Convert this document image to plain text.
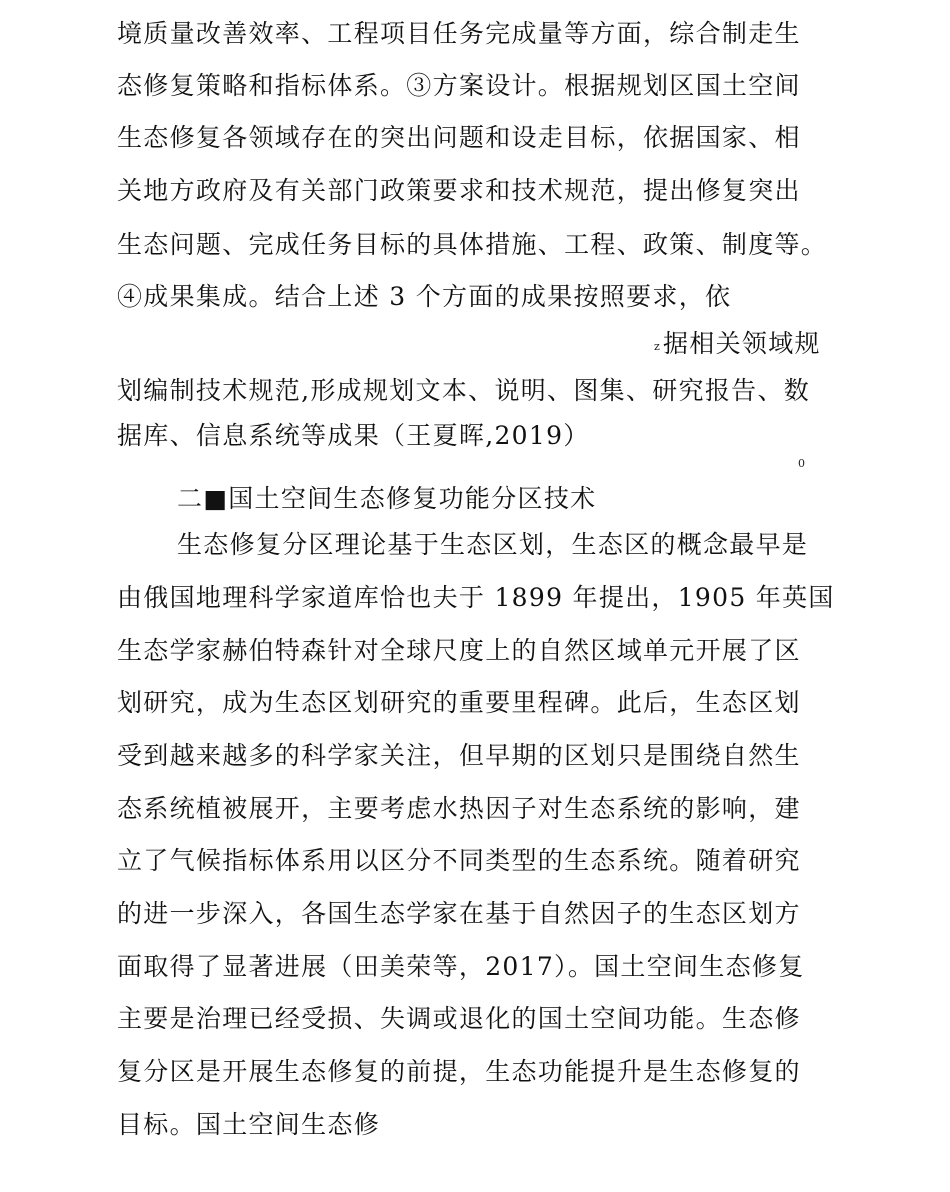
境质量改善效率、工程项目任务完成量等方面，综合制走生
态修复策略和指标体系。③方案设计。根据规划区国土空间
生态修复各领域存在的突出问题和设走目标，依据国家、相
关地方政府及有关部门政策要求和技术规范，提出修复突出
生态问题、完成任务目标的具体措施、工程、政策、制度等。
④成果集成。结合上述 3 个方面的成果按照要求，依
z 据相关领域规
划编制技术规范,形成规划文本、说明、图集、研究报告、数
据库、信息系统等成果（王夏晖,2019）
0
二■国土空间生态修复功能分区技术
生态修复分区理论基于生态区划，生态区的概念最早是
由俄国地理科学家道库恰也夫于 1899 年提出，1905 年英国
生态学家赫伯特森针对全球尺度上的自然区域单元开展了区
划研究，成为生态区划研究的重要里程碑。此后，生态区划
受到越来越多的科学家关注，但早期的区划只是围绕自然生
态系统植被展开，主要考虑水热因子对生态系统的影响，建
立了气候指标体系用以区分不同类型的生态系统。随着研究
的进一步深入，各国生态学家在基于自然因子的生态区划方
面取得了显著进展（田美荣等，2017）。国土空间生态修复
主要是治理已经受损、失调或退化的国土空间功能。生态修
复分区是开展生态修复的前提，生态功能提升是生态修复的
目标。国土空间生态修
